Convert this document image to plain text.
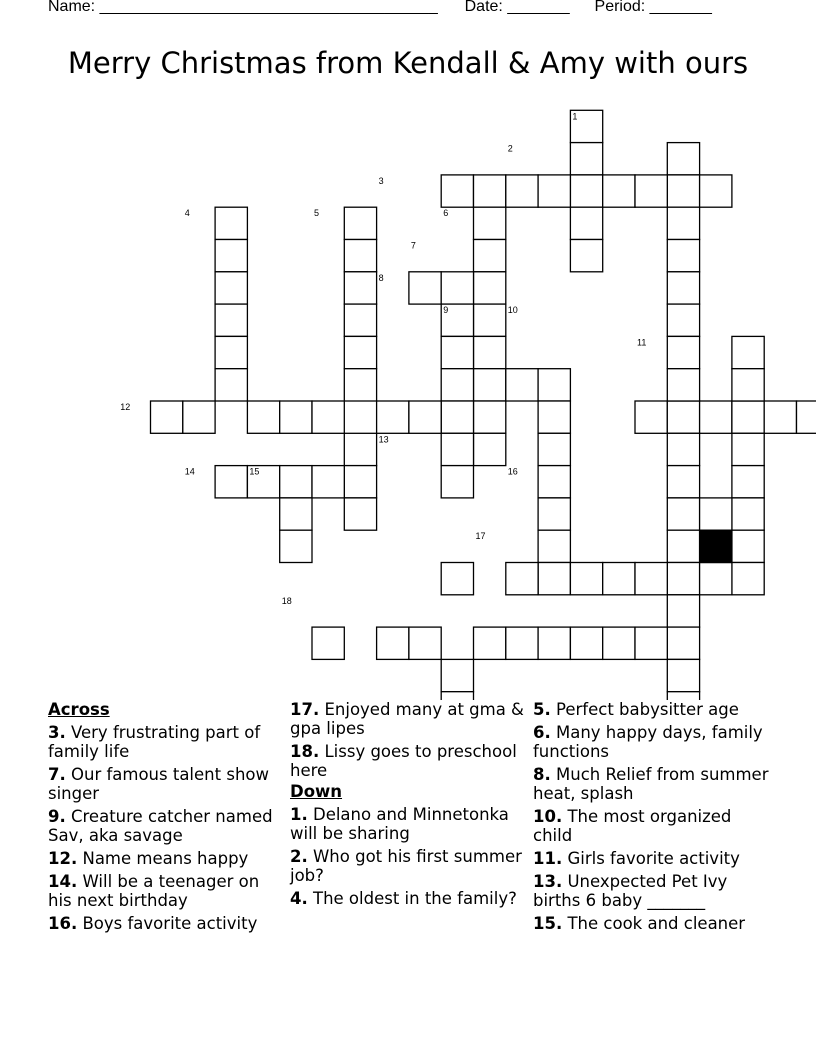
Name: ______________________________________ Date: _______ Period: _______
Merry Christmas from Kendall & Amy with ours
1
2
3
4	5	6
7
8
9	10
11
12
13
14	15	16
17
18
Across
3. Very frustrating part of family life
7. Our famous talent show singer
9. Creature catcher named Sav, aka savage
12. Name means happy
14. Will be a teenager on his next birthday
16. Boys favorite activity
17. Enjoyed many at gma & gpa lipes
18. Lissy goes to preschool here
Down
1. Delano and Minnetonka will be sharing
2. Who got his first summer job?
4. The oldest in the family?
5. Perfect babysitter age
6. Many happy days, family functions
8. Much Relief from summer heat, splash
10. The most organized child
11. Girls favorite activity
13. Unexpected Pet Ivy births 6 baby _______
15. The cook and cleaner
